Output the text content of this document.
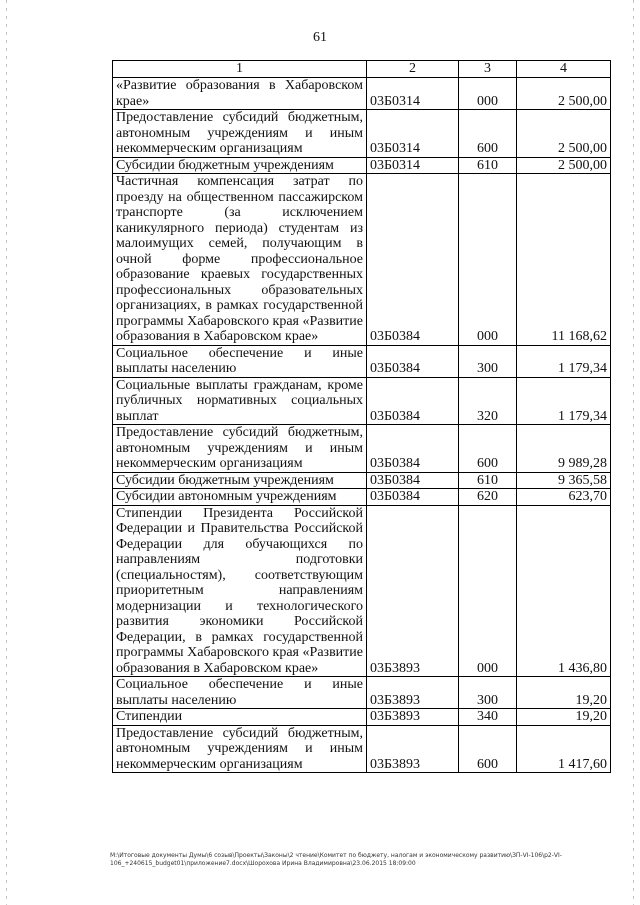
61
1	2	3	4
«Развитие образования в Хабаровском крае»	03Б0314	000	2 500,00
Предоставление субсидий бюджетным, автономным учреждениям и иным некоммерческим организациям	03Б0314	600	2 500,00
Субсидии бюджетным учреждениям	03Б0314	610	2 500,00
Частичная компенсация затрат по проезду на общественном пассажирском транспорте (за исключением каникулярного периода) студентам из малоимущих семей, получающим в очной форме профессиональное образование краевых государственных профессиональных образовательных организациях, в рамках государственной программы Хабаровского края «Развитие образования в Хабаровском крае»	03Б0384	000	11 168,62
Социальное обеспечение и иные выплаты населению	03Б0384	300	1 179,34
Социальные выплаты гражданам, кроме публичных нормативных социальных выплат	03Б0384	320	1 179,34
Предоставление субсидий бюджетным, автономным учреждениям и иным некоммерческим организациям	03Б0384	600	9 989,28
Субсидии бюджетным учреждениям	03Б0384	610	9 365,58
Субсидии автономным учреждениям	03Б0384	620	623,70
Стипендии Президента Российской Федерации и Правительства Российской Федерации для обучающихся по направлениям подготовки (специальностям), соответствующим приоритетным направлениям модернизации и технологического развития экономики Российской Федерации, в рамках государственной программы Хабаровского края «Развитие образования в Хабаровском крае»	03Б3893	000	1 436,80
Социальное обеспечение и иные выплаты населению	03Б3893	300	19,20
Стипендии	03Б3893	340	19,20
Предоставление субсидий бюджетным, автономным учреждениям и иным некоммерческим организациям	03Б3893	600	1 417,60
M:\Итоговые документы Думы\6 созыв\Проекты\Законы\2 чтение\Комитет по бюджету, налогам и экономическому развитию\ЗП-VI-106\р2-VI-
106_+240615_budget01\приложение7.docx\Шорохова Ирина Владимировна\23.06.2015 18:09:00
